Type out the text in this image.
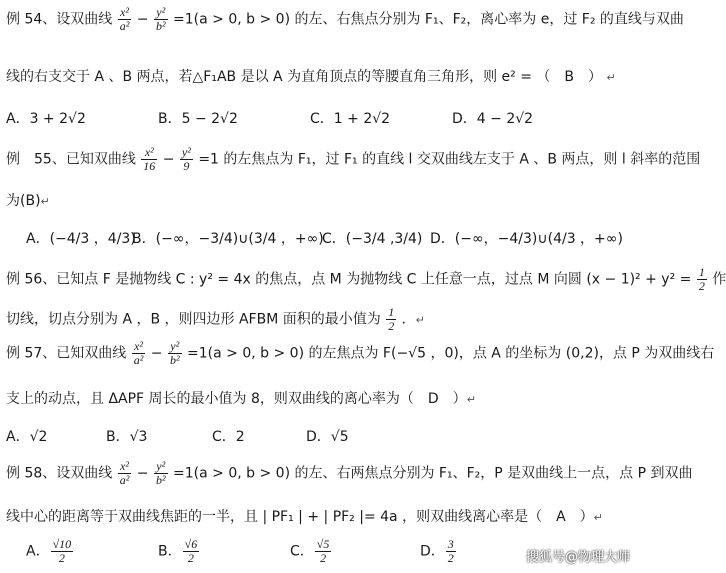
例 54、设双曲线 $\frac{\text{x²}}{\text{a²}} - \frac{\text{y²}}{\text{b²}} =1(a > 0$, b > 0) 的左、右焦点分别为 F₁、F₂，离心率为 e，过 F₂ 的直线与双曲
线的右支交于 A 、B 两点，若△F₁AB 是以 A 为直角顶点的等腰直角三角形，则 e² = （　B　） ↵
A．3 + 2√2	B．5 − 2√2	C．1 + 2√2	D．4 − 2√2
例　55、已知双曲线 $\frac{\text{x²}}{16} - \frac{\text{y²}}{9} =1$ 的左焦点为 F₁，过 F₁ 的直线 l 交双曲线左支于 A 、B 两点，则 l 斜率的范围
为(B)↵
A．(−4/3 ，4/3)
B．(−∞，−3/4)∪(3/4 ，+∞)
C．(−3/4 ,3/4) D．(−∞，−4/3)∪(4/3 ，+∞)
例 56、已知点 F 是抛物线 C : y² = 4x 的焦点，点 M 为抛物线 C 上任意一点，过点 M 向圆 $(x - 1)^2 + y^2 = \frac{1}{2}$ 作
切线，切点分别为 A ，B ，则四边形 AFBM 面积的最小值为 $\frac{1}{2}$ ．↵
例 57、已知双曲线 $\frac{\text{x²}}{\text{a²}} - \frac{\text{y²}}{\text{b²}} =1(a > 0$, b > 0) 的左焦点为 F(−√5 ，0)，点 A 的坐标为 (0,2)，点 P 为双曲线右
支上的动点，且 ΔAPF 周长的最小值为 8，则双曲线的离心率为（　D　）↵
A．√2	B．√3	C．2	D．√5
例 58、设双曲线 $\frac{\text{x²}}{\text{a²}} - \frac{\text{y²}}{\text{b²}} =1(a > 0$, b > 0) 的左、右两焦点分别为 F₁、F₂，P 是双曲线上一点，点 P 到双曲
线中心的距离等于双曲线焦距的一半，且 | PF₁ | + | PF₂ |= 4a ，则双曲线离心率是（　A　）↵
A． $\frac{√10}{2}$	B． $\frac{√6}{2}$	C． $\frac{√5}{2}$	D． $\frac{3}{2}$	搜狐号@物理大师
